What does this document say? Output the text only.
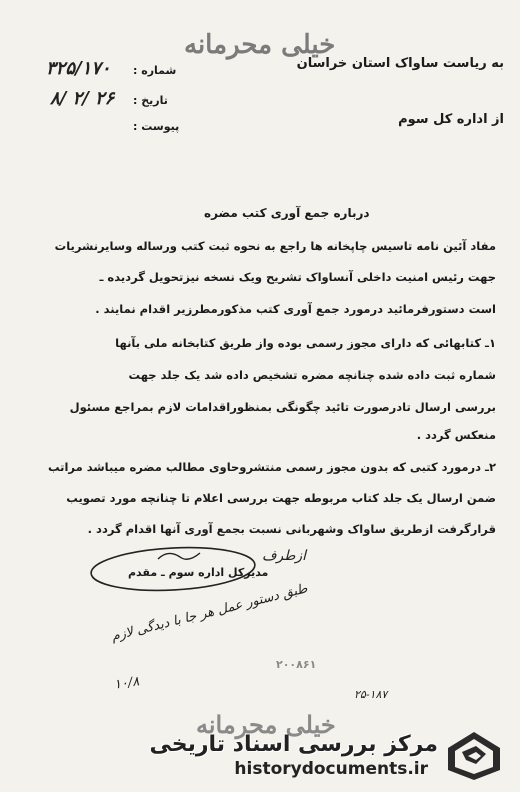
خیلی محرمانه
به ریاست ساواک استان خراسان
شماره :
۳۲۵/۱۷۰
تاریخ :
۸/ ۲/ ۲۶
پیوست :	از اداره کل سوم
درباره جمع آوری کتب مضره
مفاد آئین نامه تاسیس چاپخانه ها راجع به نحوه ثبت کتب ورساله وسایرنشریات
جهت رئیس امنیت داخلی آنساواک تشریح ویک نسخه نیزتحویل گردیده ـ
است دستورفرمائید درمورد جمع آوری کتب مذکورمطرزیر اقدام نمایند .
۱ـ کتابهائی که دارای مجوز رسمی بوده واز طریق کتابخانه ملی بآنها
شماره ثبت داده شده چنانچه مضره تشخیص داده شد یک جلد جهت
بررسی ارسال تادرصورت تائید چگونگی بمنظوراقدامات لازم بمراجع مسئول
منعکس گردد .
۲ـ درمورد کتبی که بدون مجوز رسمی منتشروحاوی مطالب مضره میباشد مراتب
ضمن ارسال یک جلد کتاب مربوطه جهت بررسی اعلام تا چنانچه مورد تصویب
قرارگرفت ازطریق ساواک وشهربانی نسبت بجمع آوری آنها اقدام گردد .
ازطرف
مدیرکل اداره سوم ـ مقدم
طبق دستور عمل هر جا با دیدگی لازم
۱۰/۸
۲۰۰۸۶۱
۲۵-۱۸۷
خیلی محرمانه
مرکز بررسی اسناد تاریخی
historydocuments.ir
